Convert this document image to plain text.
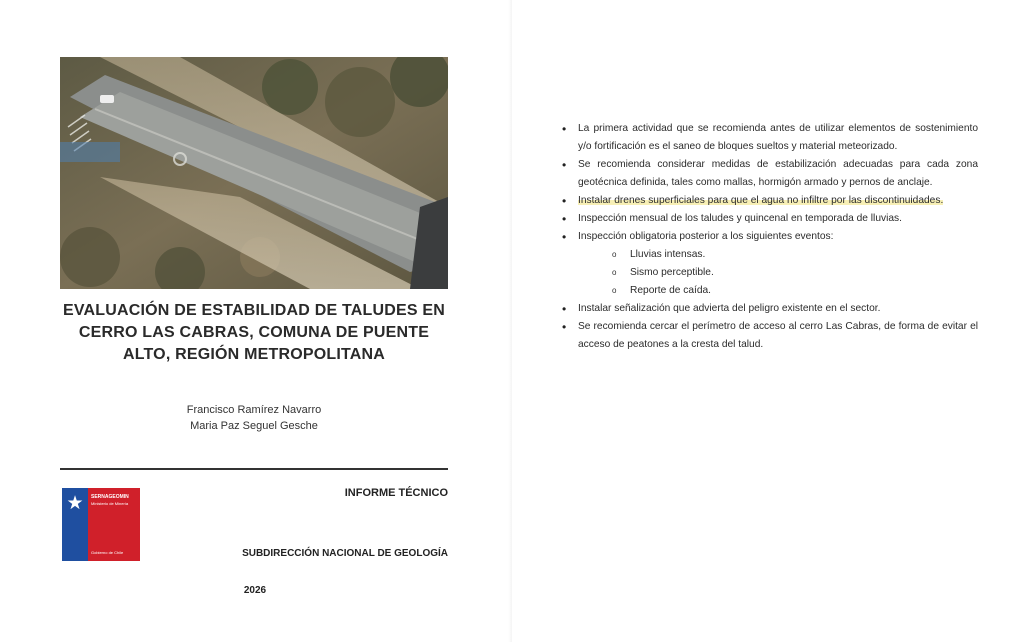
EVALUACIÓN DE ESTABILIDAD DE TALUDES EN CERRO LAS CABRAS, COMUNA DE PUENTE ALTO, REGIÓN METROPOLITANA
Francisco Ramírez Navarro
Maria Paz Seguel Gesche
★ SERNAGEOMIN
Ministerio de Minería
Gobierno de Chile
INFORME TÉCNICO
SUBDIRECCIÓN NACIONAL DE GEOLOGÍA
2026
• La primera actividad que se recomienda antes de utilizar elementos de sostenimiento y/o fortificación es el saneo de bloques sueltos y material meteorizado.
• Se recomienda considerar medidas de estabilización adecuadas para cada zona geotécnica definida, tales como mallas, hormigón armado y pernos de anclaje.
• Instalar drenes superficiales para que el agua no infiltre por las discontinuidades.
• Inspección mensual de los taludes y quincenal en temporada de lluvias.
• Inspección obligatoria posterior a los siguientes eventos:
o Lluvias intensas.
o Sismo perceptible.
o Reporte de caída.
• Instalar señalización que advierta del peligro existente en el sector.
• Se recomienda cercar el perímetro de acceso al cerro Las Cabras, de forma de evitar el acceso de peatones a la cresta del talud.
